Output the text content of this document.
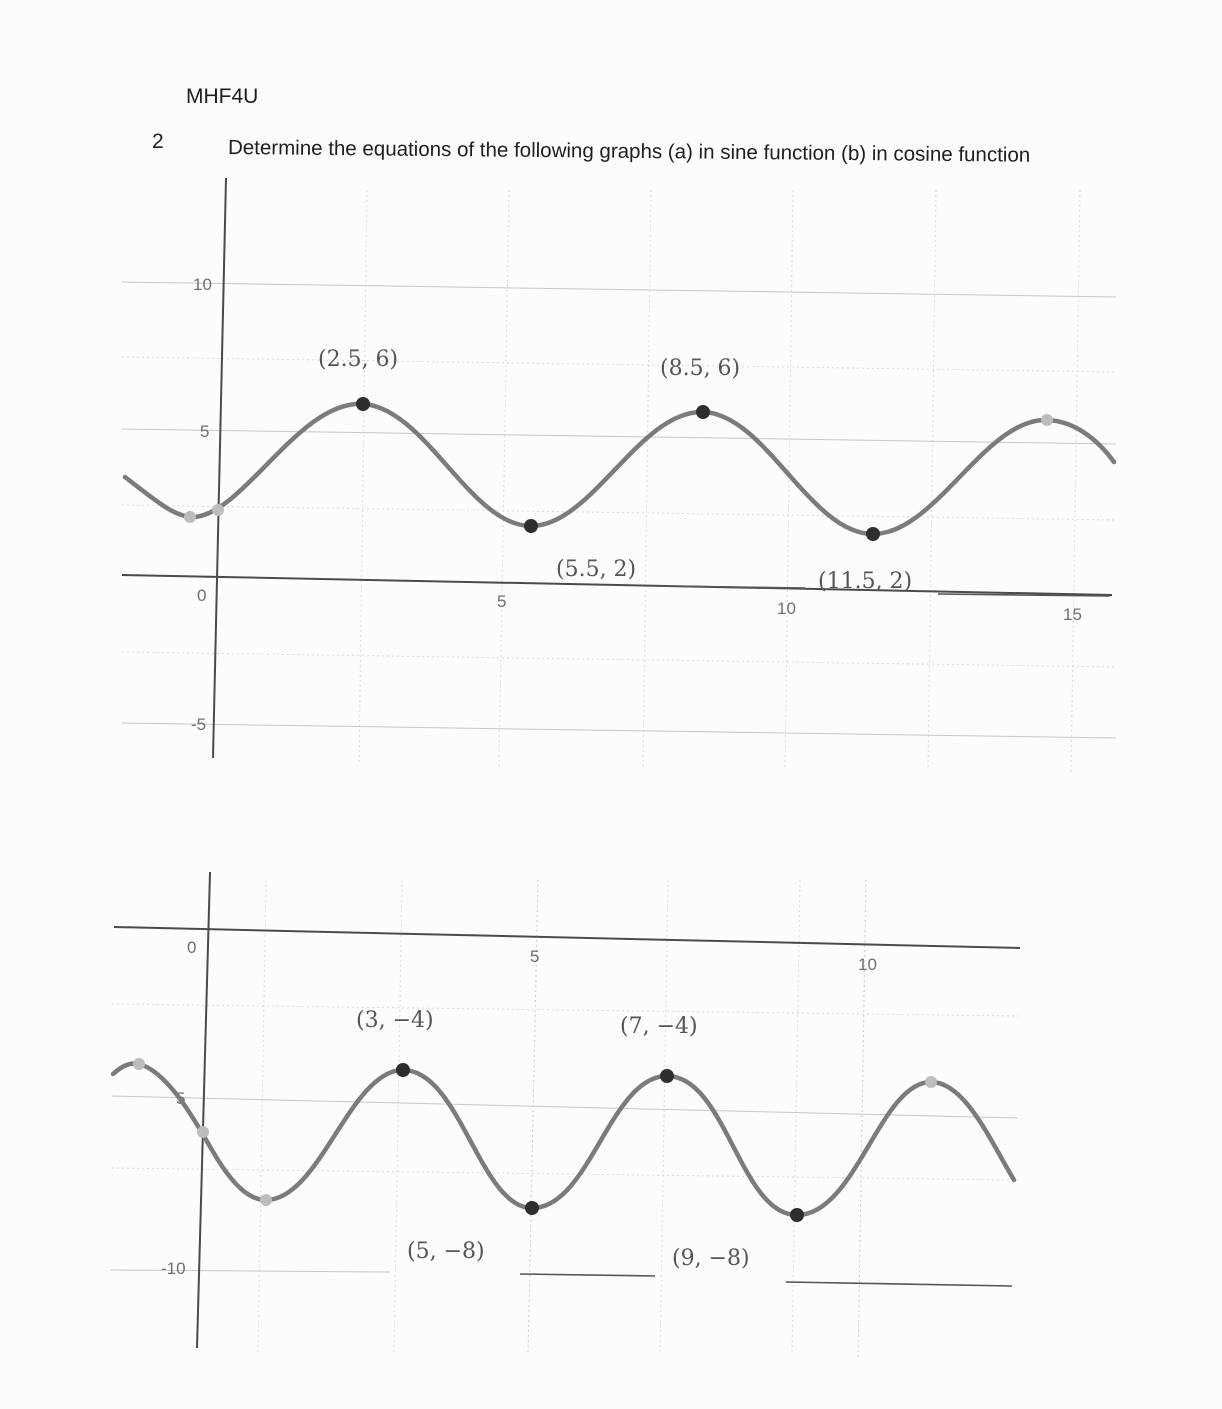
MHF4U
2	Determine the equations of the following graphs (a) in sine function (b) in cosine function
10
5
-5
0	5	10	15
(2.5, 6)
(5.5, 2)
(8.5, 6)
(11.5, 2)
0	5	10
5
-10
(3, −4)
(5, −8)
(7, −4)
(9, −8)
